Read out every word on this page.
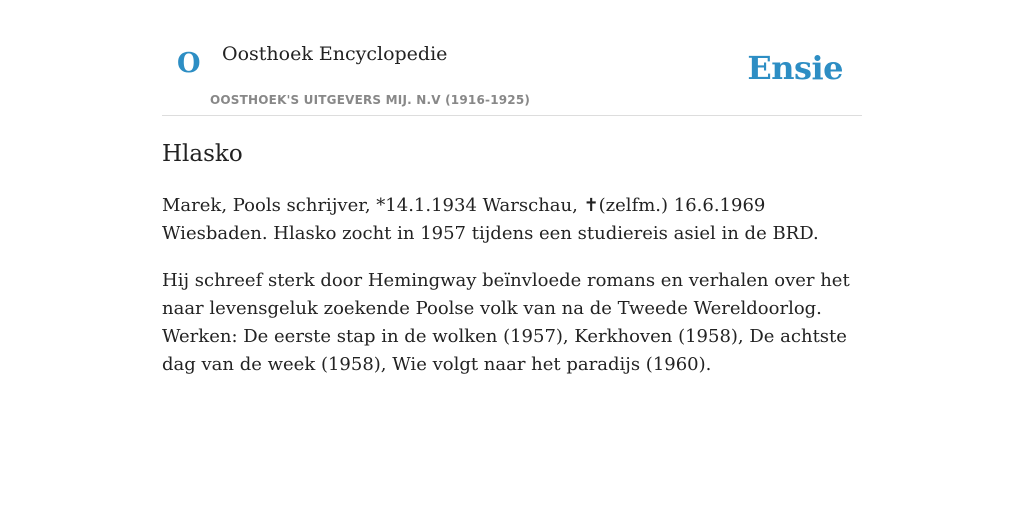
O Oosthoek Encyclopedie
OOSTHOEK'S UITGEVERS MIJ. N.V (1916-1925)
Ensie
Hlasko

Marek, Pools schrijver, *14.1.1934 Warschau, ✝(zelfm.) 16.6.1969 Wiesbaden. Hlasko zocht in 1957 tijdens een studiereis asiel in de BRD.

Hij schreef sterk door Hemingway beïnvloede romans en verhalen over het naar levensgeluk zoekende Poolse volk van na de Tweede Wereldoorlog. Werken: De eerste stap in de wolken (1957), Kerkhoven (1958), De achtste dag van de week (1958), Wie volgt naar het paradijs (1960).
